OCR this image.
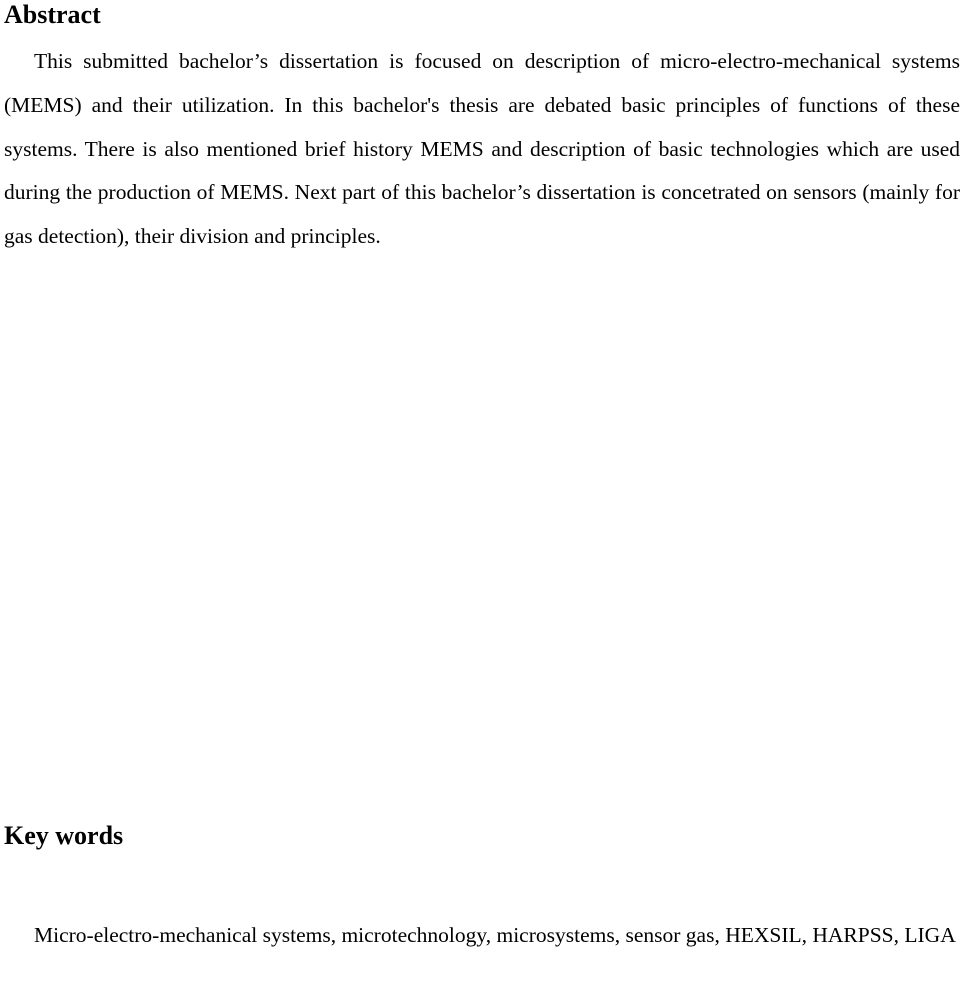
Abstract

This submitted bachelor’s dissertation is focused on description of micro-electro-mechanical systems (MEMS) and their utilization. In this bachelor's thesis are debated basic principles of functions of these systems. There is also mentioned brief history MEMS and description of basic technologies which are used during the production of MEMS. Next part of this bachelor’s dissertation is concetrated on sensors (mainly for gas detection), their division and principles.

Key words

Micro-electro-mechanical systems, microtechnology, microsystems, sensor gas, HEXSIL, HARPSS, LIGA
